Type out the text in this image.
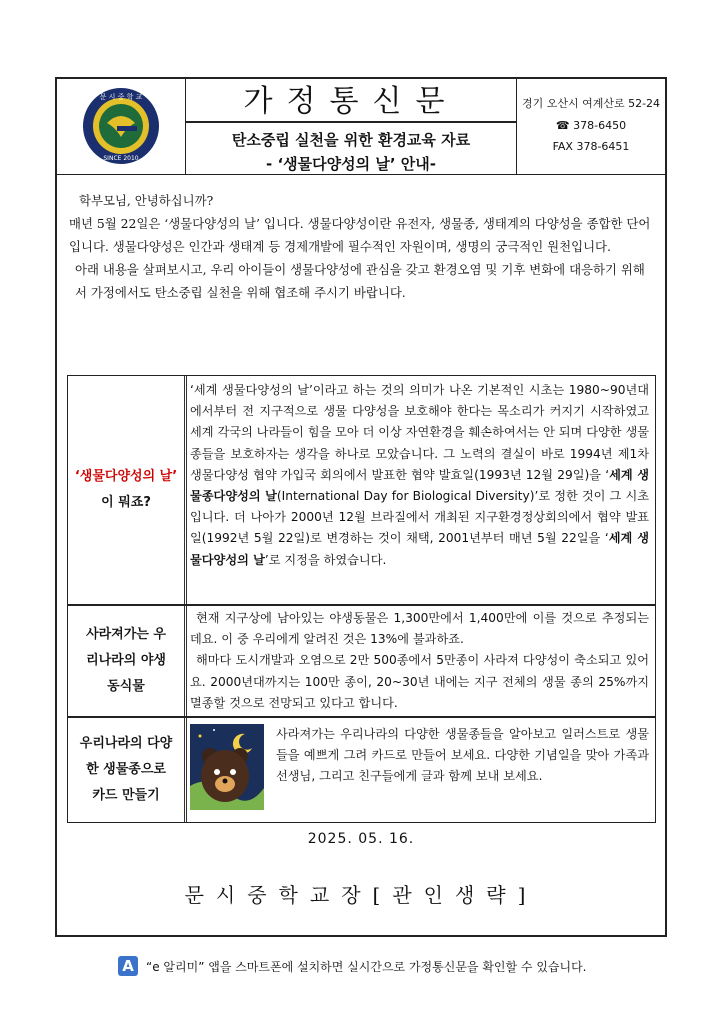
문 시 중 학 교
SINCE 2010
가정통신문
탄소중립 실천을 위한 환경교육 자료
- ‘생물다양성의 날’ 안내-
경기 오산시 여계산로 52-24
☎ 378-6450
FAX 378-6451

학부모님, 안녕하십니까?

매년 5월 22일은 ‘생물다양성의 날’ 입니다. 생물다양성이란 유전자, 생물종, 생태계의 다양성을 종합한 단어입니다. 생물다양성은 인간과 생태계 등 경제개발에 필수적인 자원이며, 생명의 궁극적인 원천입니다.

아래 내용을 살펴보시고, 우리 아이들이 생물다양성에 관심을 갖고 환경오염 및 기후 변화에 대응하기 위해서 가정에서도 탄소중립 실천을 위해 협조해 주시기 바랍니다.

‘생물다양성의 날’ 이 뭐죠?
‘세계 생물다양성의 날’이라고 하는 것의 의미가 나온 기본적인 시초는 1980~90년대에서부터 전 지구적으로 생물 다양성을 보호해야 한다는 목소리가 커지기 시작하였고 세계 각국의 나라들이 힘을 모아 더 이상 자연환경을 훼손하여서는 안 되며 다양한 생물종들을 보호하자는 생각을 하나로 모았습니다. 그 노력의 결실이 바로 1994년 제1차 생물다양성 협약 가입국 회의에서 발표한 협약 발효일(1993년 12월 29일)을 ‘세계 생물종다양성의 날(International Day for Biological Diversity)’로 정한 것이 그 시초입니다. 더 나아가 2000년 12월 브라질에서 개최된 지구환경정상회의에서 협약 발표일(1992년 5월 22일)로 변경하는 것이 채택, 2001년부터 매년 5월 22일을 ‘세계 생물다양성의 날’로 지정을 하였습니다.
사라져가는 우리나라의 야생 동식물
현재 지구상에 남아있는 야생동물은 1,300만에서 1,400만에 이를 것으로 추정되는데요. 이 중 우리에게 알려진 것은 13%에 불과하죠.
해마다 도시개발과 오염으로 2만 500종에서 5만종이 사라져 다양성이 축소되고 있어요. 2000년대까지는 100만 종이, 20~30년 내에는 지구 전체의 생물 종의 25%까지 멸종할 것으로 전망되고 있다고 합니다.
우리나라의 다양한 생물종으로 카드 만들기
사라져가는 우리나라의 다양한 생물종들을 알아보고 일러스트로 생물들을 예쁘게 그려 카드로 만들어 보세요. 다양한 기념일을 맞아 가족과 선생님, 그리고 친구들에게 글과 함께 보내 보세요.
2025. 05. 16.
문시중학교장[관인생략]
A	“e 알리미” 앱을 스마트폰에 설치하면 실시간으로 가정통신문을 확인할 수 있습니다.
